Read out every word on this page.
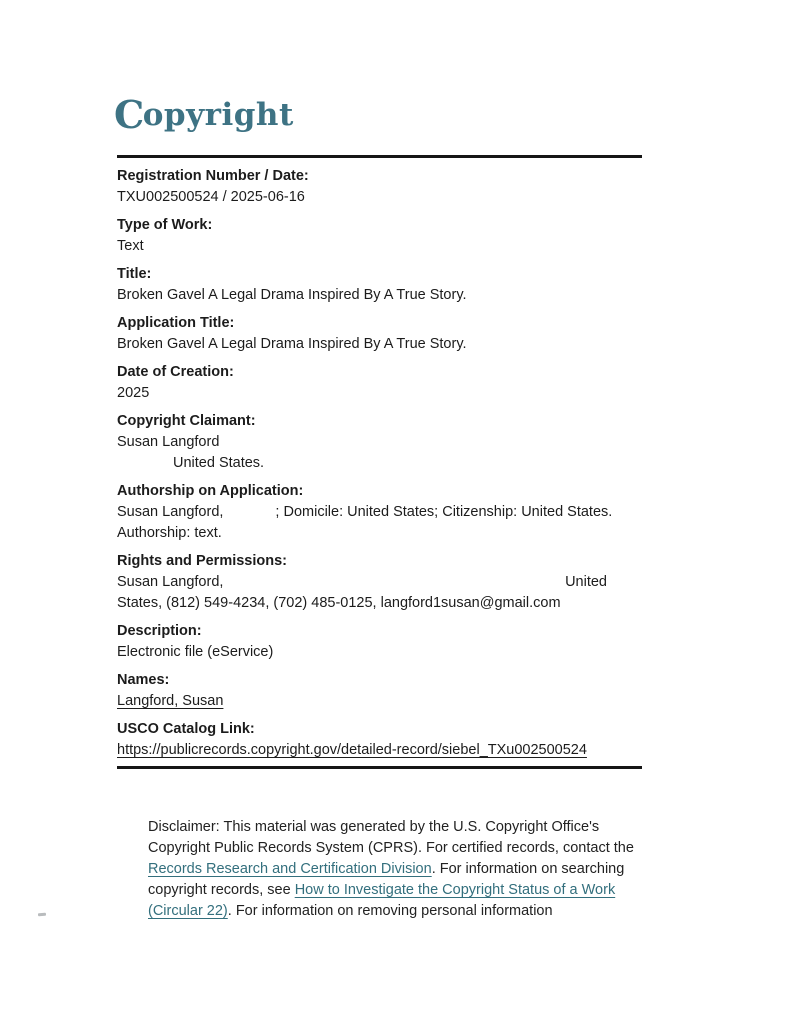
Copyright
Registration Number / Date:
TXU002500524 / 2025-06-16
Type of Work:
Text
Title:
Broken Gavel A Legal Drama Inspired By A True Story.
Application Title:
Broken Gavel A Legal Drama Inspired By A True Story.
Date of Creation:
2025
Copyright Claimant:
Susan Langford
United States.
Authorship on Application:
Susan Langford,	; Domicile: United States; Citizenship: United States.
Authorship: text.
Rights and Permissions:
Susan Langford,	United
States, (812) 549-4234, (702) 485-0125, langford1susan@gmail.com
Description:
Electronic file (eService)
Names:
Langford, Susan
USCO Catalog Link:
https://publicrecords.copyright.gov/detailed-record/siebel_TXu002500524
Disclaimer: This material was generated by the U.S. Copyright Office's Copyright Public Records System (CPRS). For certified records, contact the Records Research and Certification Division. For information on searching copyright records, see How to Investigate the Copyright Status of a Work (Circular 22). For information on removing personal information
